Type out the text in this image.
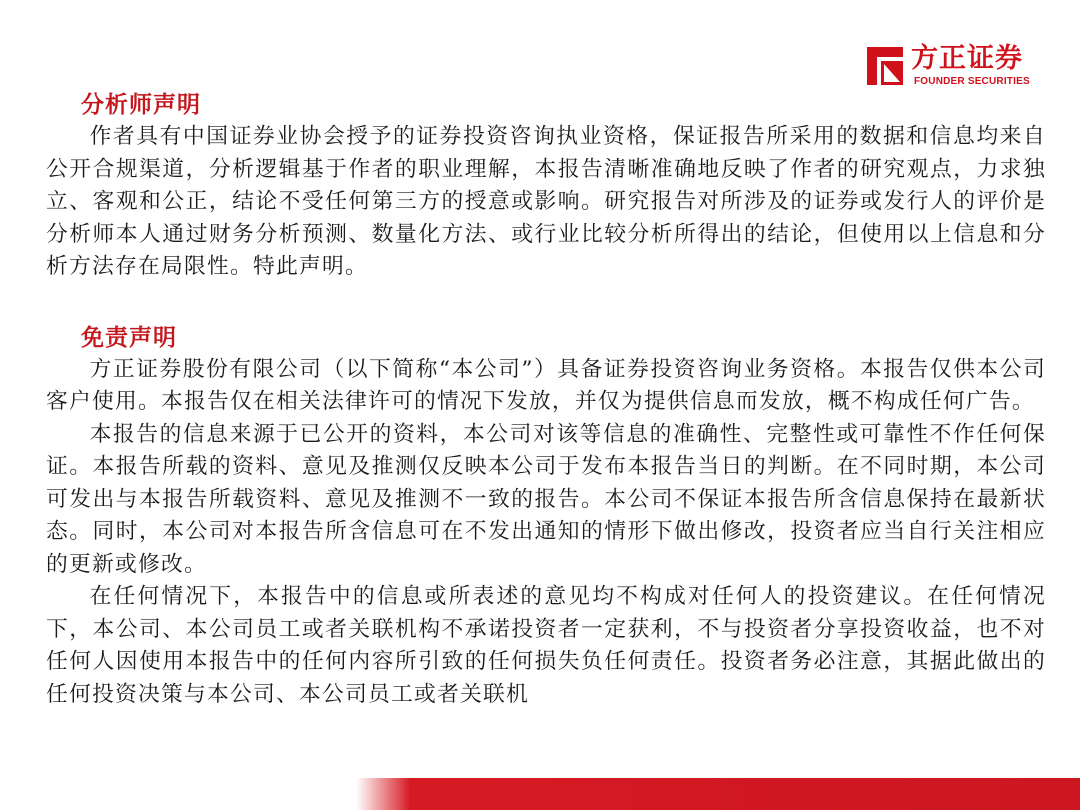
方正证券
FOUNDER SECURITIES
分析师声明

作者具有中国证券业协会授予的证券投资咨询执业资格，保证报告所采用的数据和信息均来自公开合规渠道，分析逻辑基于作者的职业理解，本报告清晰准确地反映了作者的研究观点，力求独立、客观和公正，结论不受任何第三方的授意或影响。研究报告对所涉及的证券或发行人的评价是分析师本人通过财务分析预测、数量化方法、或行业比较分析所得出的结论，但使用以上信息和分析方法存在局限性。特此声明。

免责声明

方正证券股份有限公司（以下简称“本公司”）具备证券投资咨询业务资格。本报告仅供本公司客户使用。本报告仅在相关法律许可的情况下发放，并仅为提供信息而发放，概不构成任何广告。

本报告的信息来源于已公开的资料，本公司对该等信息的准确性、完整性或可靠性不作任何保证。本报告所载的资料、意见及推测仅反映本公司于发布本报告当日的判断。在不同时期，本公司可发出与本报告所载资料、意见及推测不一致的报告。本公司不保证本报告所含信息保持在最新状态。同时，本公司对本报告所含信息可在不发出通知的情形下做出修改，投资者应当自行关注相应的更新或修改。

在任何情况下，本报告中的信息或所表述的意见均不构成对任何人的投资建议。在任何情况下，本公司、本公司员工或者关联机构不承诺投资者一定获利，不与投资者分享投资收益，也不对任何人因使用本报告中的任何内容所引致的任何损失负任何责任。投资者务必注意，其据此做出的任何投资决策与本公司、本公司员工或者关联机
